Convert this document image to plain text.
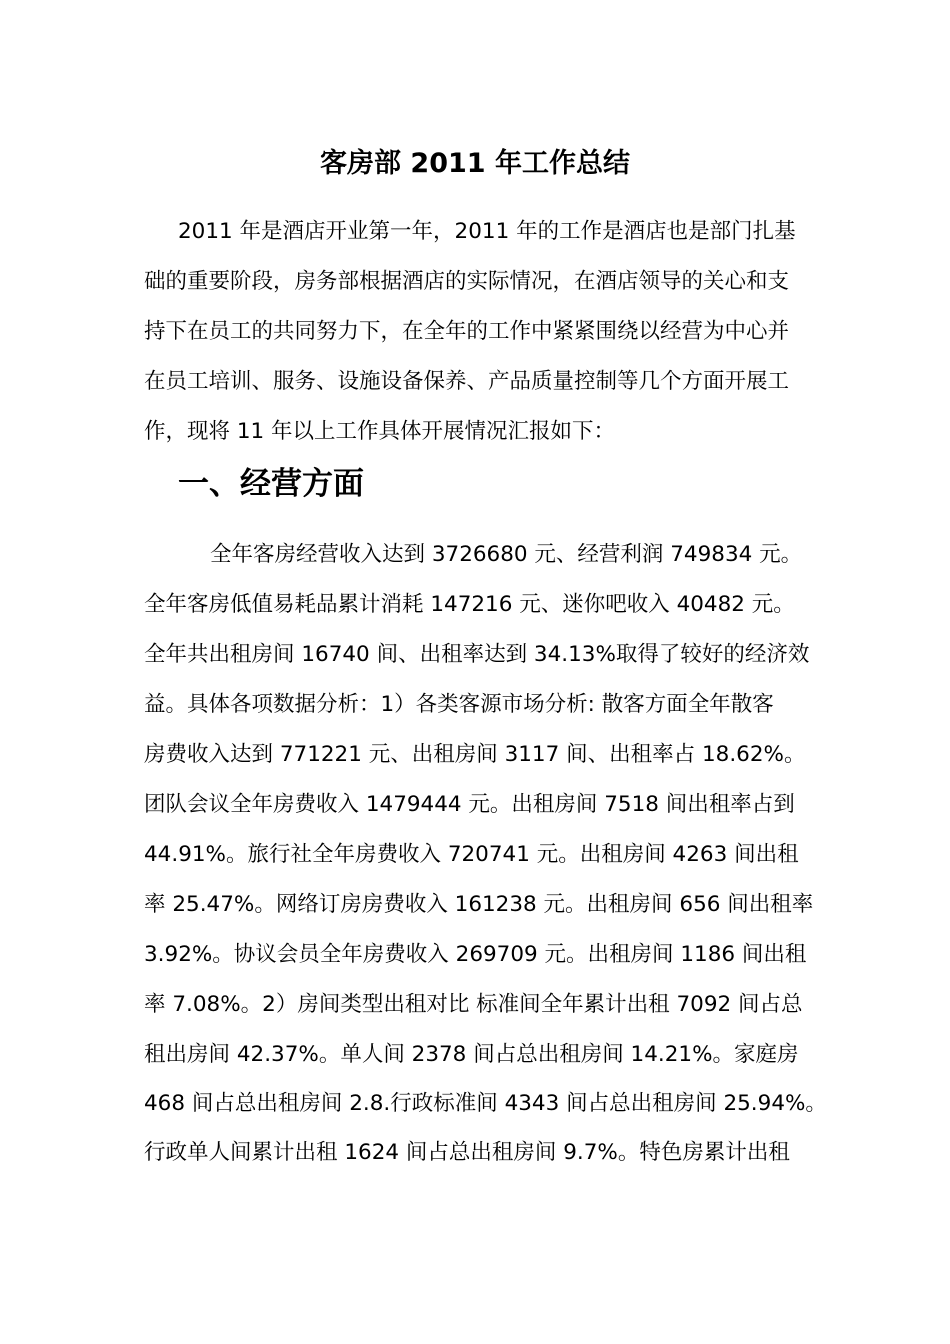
客房部 2011 年工作总结
2011 年是酒店开业第一年，2011 年的工作是酒店也是部门扎基
础的重要阶段，房务部根据酒店的实际情况，在酒店领导的关心和支
持下在员工的共同努力下，在全年的工作中紧紧围绕以经营为中心并
在员工培训、服务、设施设备保养、产品质量控制等几个方面开展工
作，现将 11 年以上工作具体开展情况汇报如下：
一、经营方面
全年客房经营收入达到 3726680 元、经营利润 749834 元。
全年客房低值易耗品累计消耗 147216 元、迷你吧收入 40482 元。
全年共出租房间 16740 间、出租率达到 34.13%取得了较好的经济效
益。具体各项数据分析：1）各类客源市场分析: 散客方面全年散客
房费收入达到 771221 元、出租房间 3117 间、出租率占 18.62%。
团队会议全年房费收入 1479444 元。出租房间 7518 间出租率占到
44.91%。旅行社全年房费收入 720741 元。出租房间 4263 间出租
率 25.47%。网络订房房费收入 161238 元。出租房间 656 间出租率
3.92%。协议会员全年房费收入 269709 元。出租房间 1186 间出租
率 7.08%。2）房间类型出租对比 标准间全年累计出租 7092 间占总
租出房间 42.37%。单人间 2378 间占总出租房间 14.21%。家庭房
468 间占总出租房间 2.8.行政标准间 4343 间占总出租房间 25.94%。
行政单人间累计出租 1624 间占总出租房间 9.7%。特色房累计出租
